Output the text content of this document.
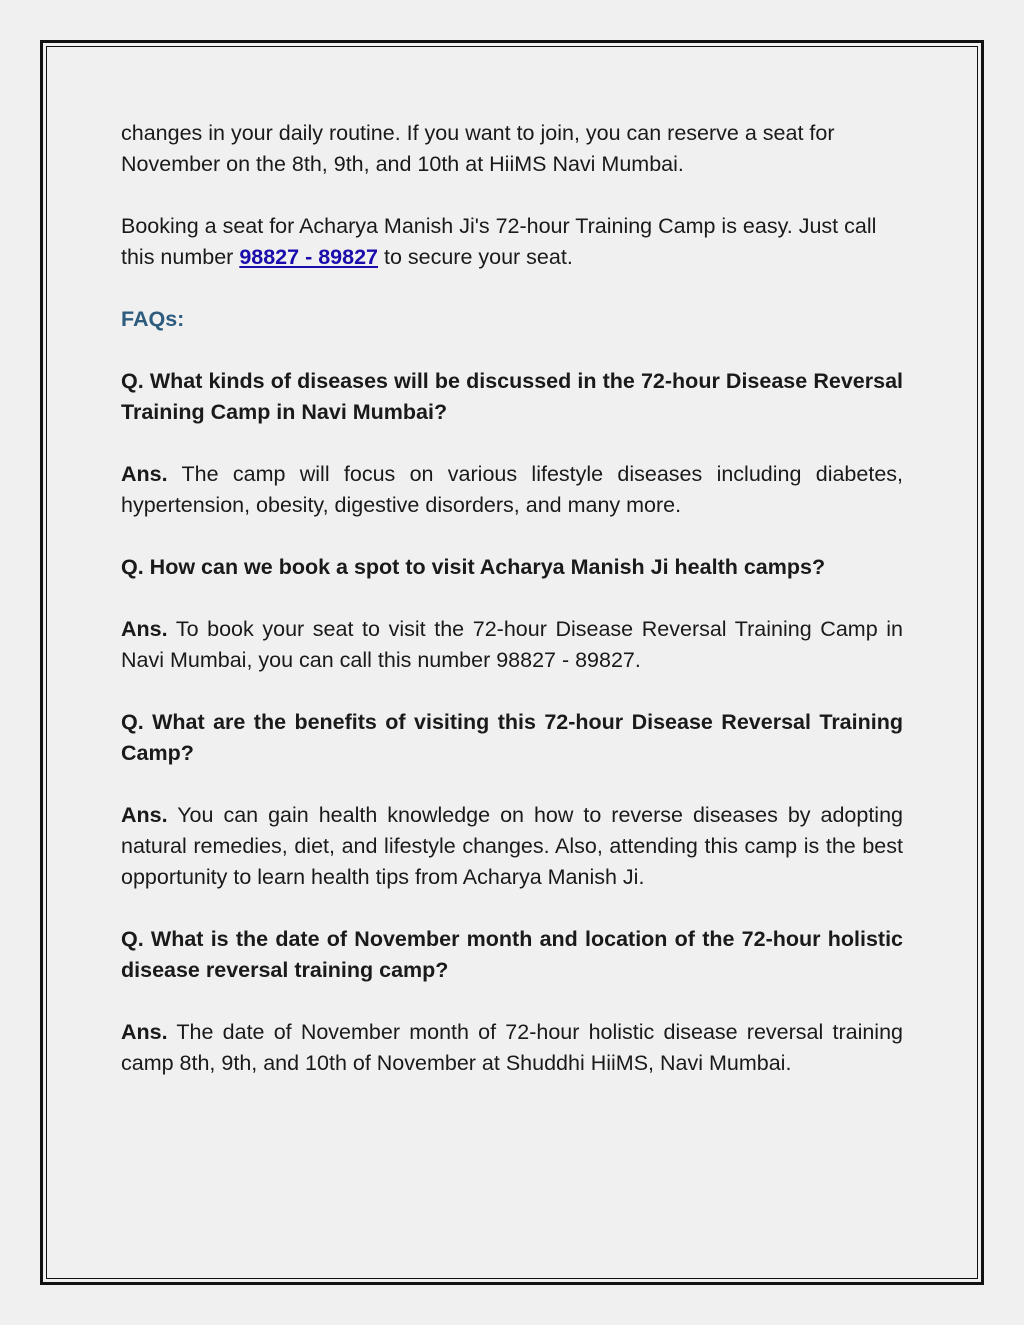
changes in your daily routine. If you want to join, you can reserve a seat for November on the 8th, 9th, and 10th at HiiMS Navi Mumbai.

Booking a seat for Acharya Manish Ji's 72-hour Training Camp is easy. Just call this number 98827 - 89827 to secure your seat.

FAQs:

Q. What kinds of diseases will be discussed in the 72-hour Disease Reversal Training Camp in Navi Mumbai?

Ans. The camp will focus on various lifestyle diseases including diabetes, hypertension, obesity, digestive disorders, and many more.

Q. How can we book a spot to visit Acharya Manish Ji health camps?

Ans. To book your seat to visit the 72-hour Disease Reversal Training Camp in Navi Mumbai, you can call this number 98827 - 89827.

Q. What are the benefits of visiting this 72-hour Disease Reversal Training Camp?

Ans. You can gain health knowledge on how to reverse diseases by adopting natural remedies, diet, and lifestyle changes. Also, attending this camp is the best opportunity to learn health tips from Acharya Manish Ji.

Q. What is the date of November month and location of the 72-hour holistic disease reversal training camp?

Ans. The date of November month of 72-hour holistic disease reversal training camp 8th, 9th, and 10th of November at Shuddhi HiiMS, Navi Mumbai.
